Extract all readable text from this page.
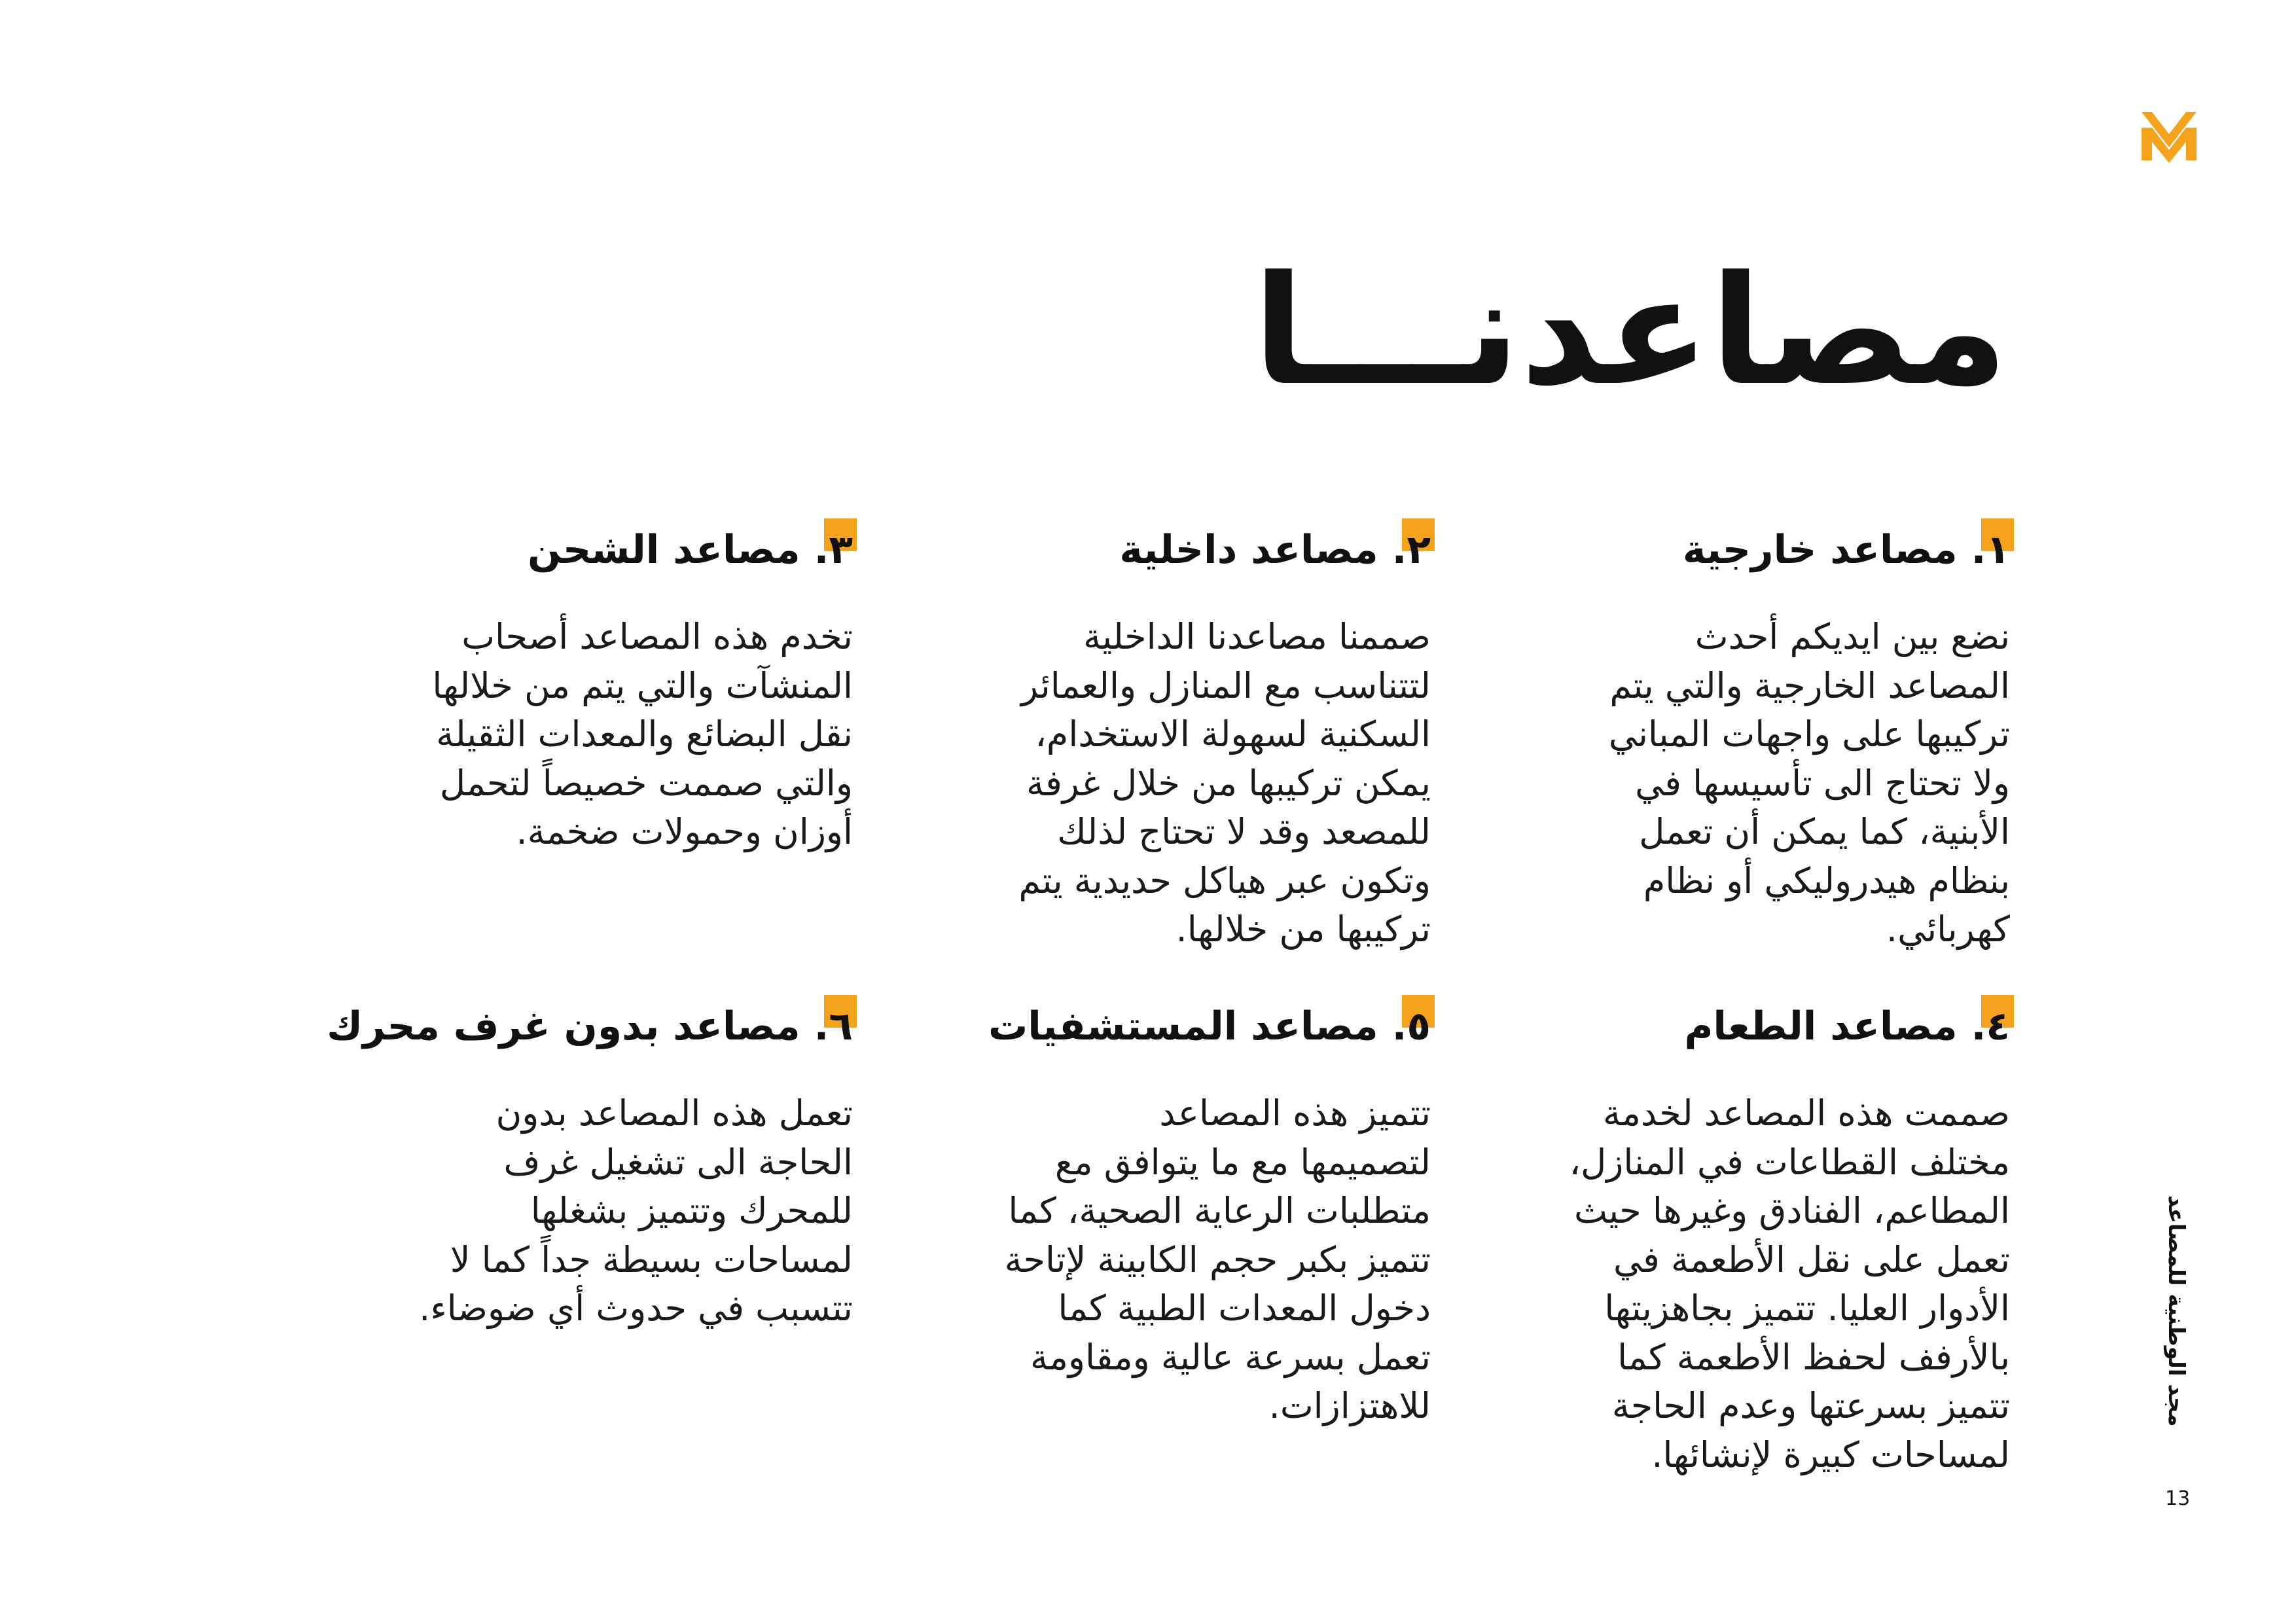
مصاعدنـــا
١. مصاعد خارجية

نضع بين ايديكم أحدث
المصاعد الخارجية والتي يتم
تركيبها على واجهات المباني
ولا تحتاج الى تأسيسها في
الأبنية، كما يمكن أن تعمل
بنظام هيدروليكي أو نظام
كهربائي.

٢. مصاعد داخلية

صممنا مصاعدنا الداخلية
لتتناسب مع المنازل والعمائر
السكنية لسهولة الاستخدام،
يمكن تركيبها من خلال غرفة
للمصعد وقد لا تحتاج لذلك
وتكون عبر هياكل حديدية يتم
تركيبها من خلالها.

٣. مصاعد الشحن

تخدم هذه المصاعد أصحاب
المنشآت والتي يتم من خلالها
نقل البضائع والمعدات الثقيلة
والتي صممت خصيصاً لتحمل
أوزان وحمولات ضخمة.

٤. مصاعد الطعام

صممت هذه المصاعد لخدمة
مختلف القطاعات في المنازل،
المطاعم، الفنادق وغيرها حيث
تعمل على نقل الأطعمة في
الأدوار العليا. تتميز بجاهزيتها
بالأرفف لحفظ الأطعمة كما
تتميز بسرعتها وعدم الحاجة
لمساحات كبيرة لإنشائها.

٥. مصاعد المستشفيات

تتميز هذه المصاعد
لتصميمها مع ما يتوافق مع
متطلبات الرعاية الصحية، كما
تتميز بكبر حجم الكابينة لإتاحة
دخول المعدات الطبية كما
تعمل بسرعة عالية ومقاومة
للاهتزازات.

٦. مصاعد بدون غرف محرك

تعمل هذه المصاعد بدون
الحاجة الى تشغيل غرف
للمحرك وتتميز بشغلها
لمساحات بسيطة جداً كما لا
تتسبب في حدوث أي ضوضاء.	مجد الوطنية للمصاعد
13
